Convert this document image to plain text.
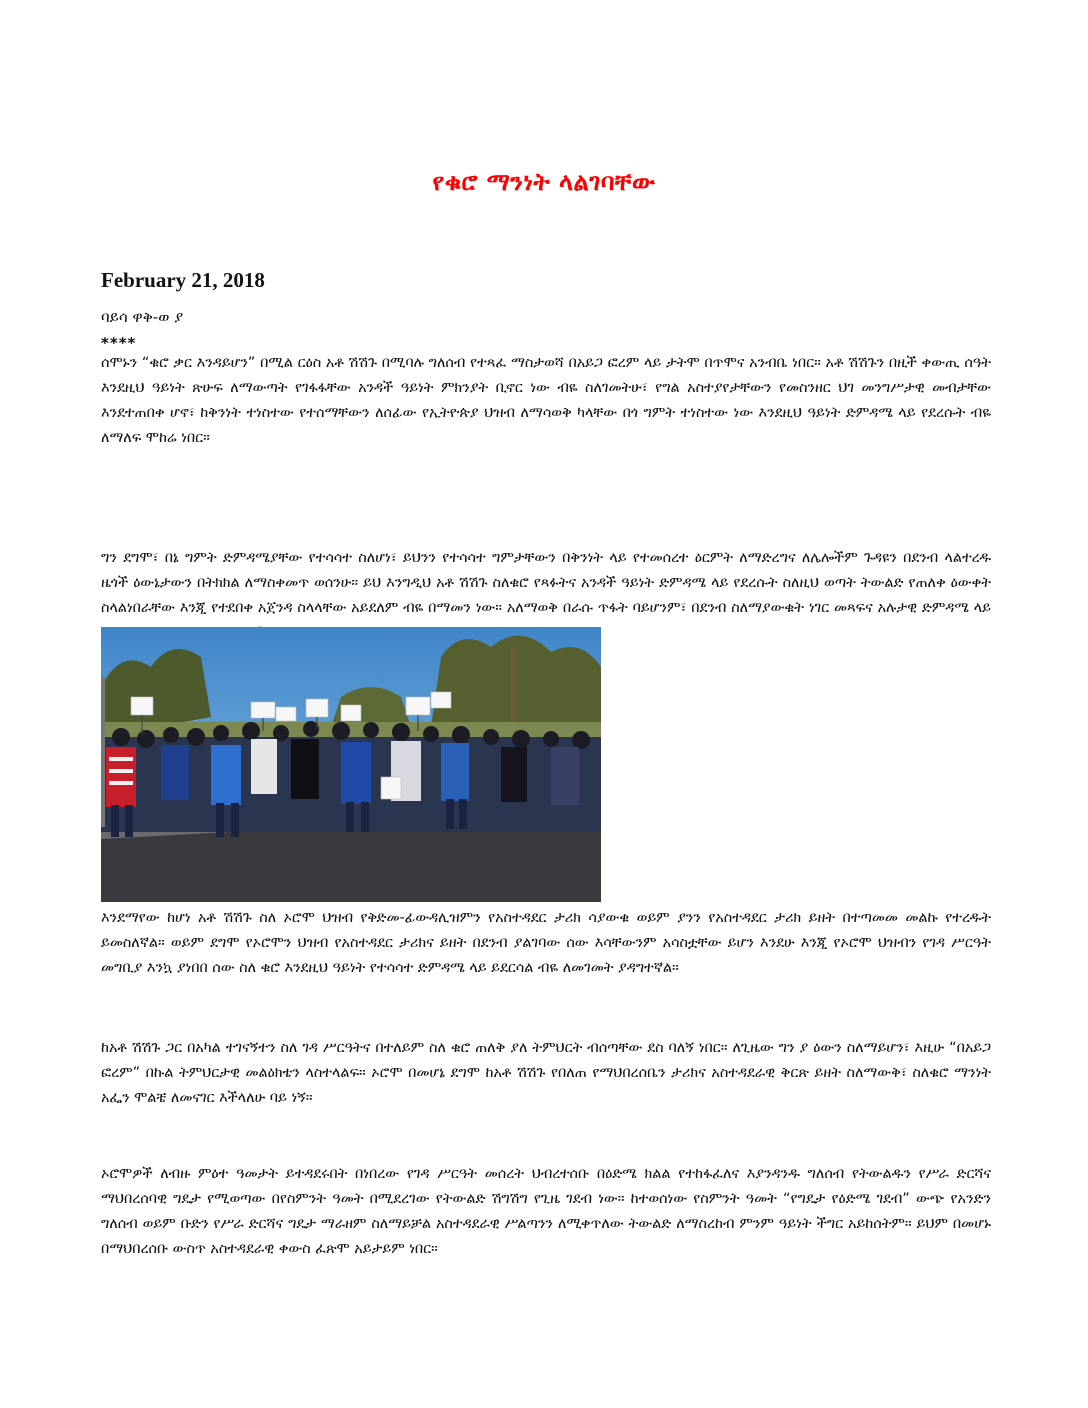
የቁሮ ማንነት ላልገባቸው
February 21, 2018
ባይሳ ዋቅ-ወ ያ
****

ሰሞኑን “ቁሮ ቃር እንዳይሆን” በሚል ርዕስ አቶ ሽሽጉ በሚባሉ ግለሰብ የተጻፈ ማስታወሻ በአይጋ ፎረም ላይ ታትሞ በጥሞና አንብቤ ነበር። አቶ ሽሽጉን በዚች ቀውጢ ሰዓት እንደዚህ ዓይነት ጽሁፍ ለማውጣት የገፋፋቸው አንዳች ዓይነት ምክንያት ቢኖር ነው ብዬ ስለገመትሁ፣ የግል አስተያየታቸውን የመስንዘር ህገ መንግሥታዊ መብታቸው እንደተጠበቀ ሆኖ፣ ከቅንነት ተነስተው የተሰማቸውን ለሰፊው የኢትዮጵያ ህዝብ ለማሳወቅ ካላቸው በጎ ግምት ተነስተው ነው እንደዚህ ዓይነት ድምዳሜ ላይ የደረሱት ብዬ ለማለፍ ሞከሬ ነበር።

ግን ደግሞ፣ በኔ ግምት ድምዳሜያቸው የተሳሳተ ስለሆነ፣ ይህንን የተሳሳተ ግምታቸውን በቅንነት ላይ የተመሰረተ ዕርምት ለማድረግና ለሌሎችም ጉዳዩን በደንብ ላልተረዱ ዜጎች ዕውኔታውን በትክክል ለማስቀመጥ ወሰንሁ። ይህ እንግዲህ አቶ ሽሽጉ ስለቁሮ የጻፉትና አንዳች ዓይነት ድምዳሜ ላይ የደረሱት ስለዚህ ወጣት ትውልድ የጠለቀ ዕውቀት ስላልነበራቸው እንጂ የተደበቀ አጀንዳ ስላላቸው አይደለም ብዬ በማመን ነው። አለማወቅ በራሱ ጥፋት ባይሆንም፣ በደንብ ስለማያውቁት ነገር መጻፍና አሉታዊ ድምዳሜ ላይ

እንደማየው ከሆነ አቶ ሽሽጉ ስለ ኦሮሞ ህዝብ የቅድመ-ፊውዳሊዝምን የአስተዳደር ታሪክ ሳያውቁ ወይም ያንን የአስተዳደር ታሪክ ይዘት በተጣመመ መልኩ የተረዱት ይመስለኛል። ወይም ደግሞ የኦሮሞን ህዝብ የአስተዳደር ታሪክና ይዘት በደንብ ያልገባው ሰው እሳቸውንም አሳስቷቸው ይሆን እንደሁ እንጂ የኦሮሞ ህዝብን የገዳ ሥርዓት መግቢያ እንኳ ያነበበ ሰው ስለ ቁሮ እንደዚህ ዓይነት የተሳሳተ ድምዳሜ ላይ ይደርሳል ብዬ ለመገመት ያዳግተኛል።

ከአቶ ሽሽጉ ጋር በአካል ተገናኝተን ስለ ገዳ ሥርዓትና በተለይም ስለ ቁሮ ጠለቅ ያለ ትምህርት ብሰጣቸው ደስ ባለኝ ነበር። ለጊዜው ግን ያ ዕውን ስለማይሆን፣ እዚሁ “በአይጋ ፎረም” በኩል ትምህርታዊ መልዕክቴን ላስተላልፍ። ኦሮሞ በመሆኔ ደግሞ ከአቶ ሽሽጉ የበለጠ የማህበረሰቤን ታሪክና አስተዳደራዊ ቅርጽ ይዘት ስለማውቅ፣ ስለቁሮ ማንነት አፌን ሞልቼ ለመናገር እችላለሁ ባይ ነኝ።

ኦሮሞዎች ለብዙ ምዕተ ዓመታት ይተዳደሩበት በነበረው የገዳ ሥርዓት መሰረት ህብረተሰቡ በዕድሜ ክልል የተከፋፈለና እያንዳንዱ ግለሰብ የትውልዱን የሥራ ድርሻና ማህበረሰባዊ ግዴታ የሚወጣው በየስምንት ዓመት በሚደረገው የትውልድ ሽግሽግ የጊዜ ገደብ ነው። ከተወሰነው የስምንት ዓመት “የግዴታ የዕድሜ ገደብ” ውጭ የአንድን ግለሰብ ወይም ቡድን የሥራ ድርሻና ግዴታ ማራዘም ስለማይቻል አስተዳደራዊ ሥልጣንን ለሚቀጥለው ትውልድ ለማስረከብ ምንም ዓይነት ችግር አይከሰትም። ይህም በመሆኑ በማህበረሰቡ ውስጥ አስተዳደራዊ ቀውስ ፈጽሞ አይታይም ነበር።
